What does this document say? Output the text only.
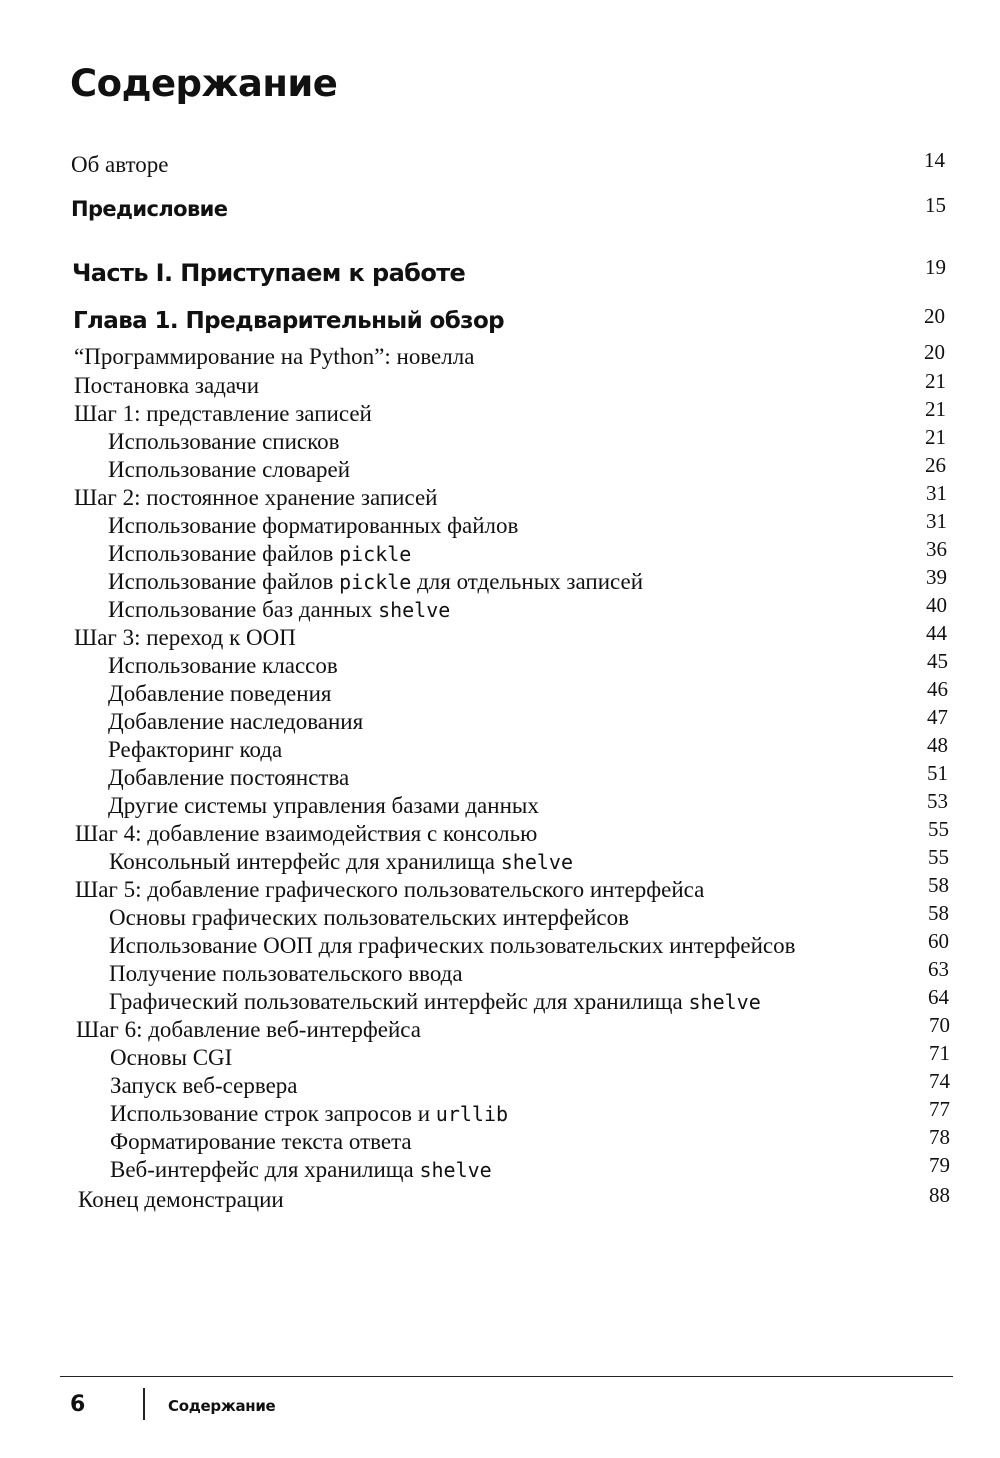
Содержание
Об авторе	14
Предисловие	15
Часть I. Приступаем к работе	19
Глава 1. Предварительный обзор	20
“Программирование на Python”: новелла	20
Постановка задачи	21
Шаг 1: представление записей	21
Использование списков	21
Использование словарей	26
Шаг 2: постоянное хранение записей	31
Использование форматированных файлов	31
Использование файлов pickle	36
Использование файлов pickle для отдельных записей	39
Использование баз данных shelve	40
Шаг 3: переход к ООП	44
Использование классов	45
Добавление поведения	46
Добавление наследования	47
Рефакторинг кода	48
Добавление постоянства	51
Другие системы управления базами данных	53
Шаг 4: добавление взаимодействия с консолью	55
Консольный интерфейс для хранилища shelve	55
Шаг 5: добавление графического пользовательского интерфейса	58
Основы графических пользовательских интерфейсов	58
Использование ООП для графических пользовательских интерфейсов	60
Получение пользовательского ввода	63
Графический пользовательский интерфейс для хранилища shelve	64
Шаг 6: добавление веб-интерфейса	70
Основы CGI	71
Запуск веб-сервера	74
Использование строк запросов и urllib	77
Форматирование текста ответа	78
Веб-интерфейс для хранилища shelve	79
Конец демонстрации	88
6	Содержание
